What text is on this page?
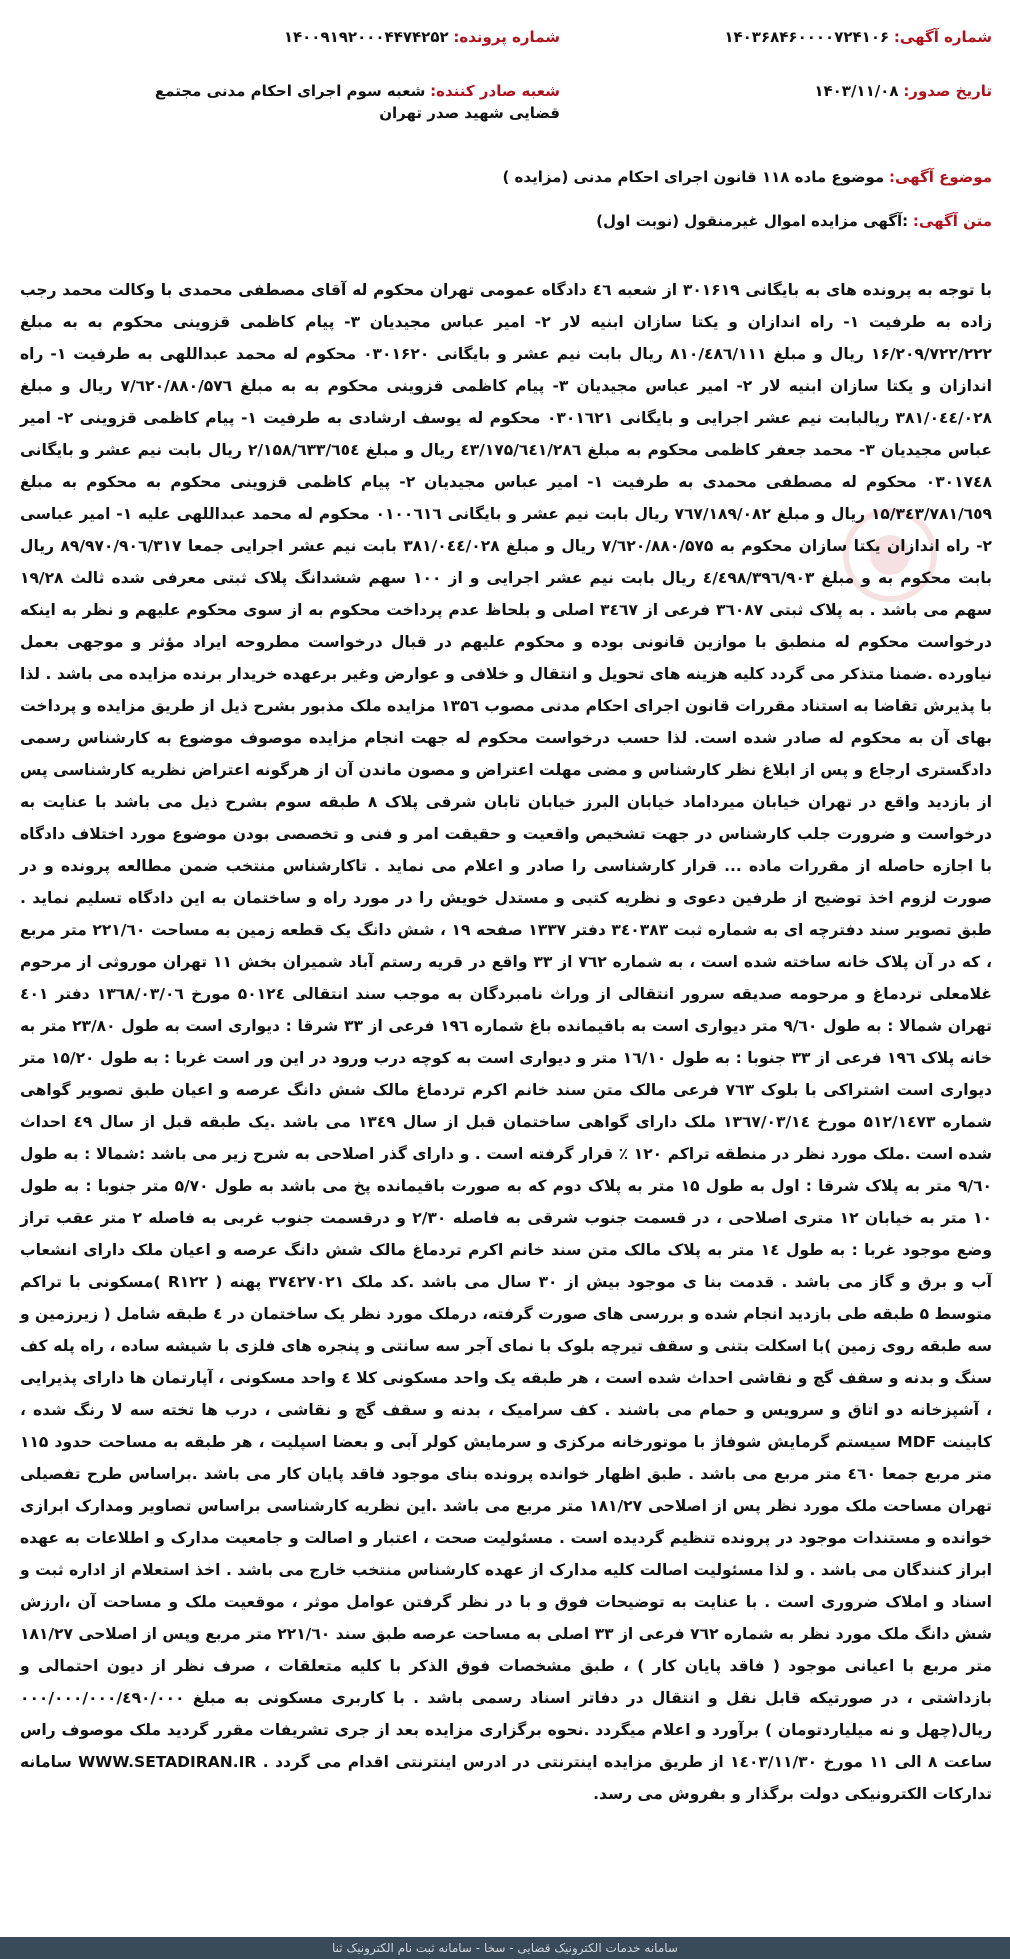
شماره آگهی: ۱۴۰۳۶۸۴۶۰۰۰۰۷۲۴۱۰۶
شماره پرونده: ۱۴۰۰۹۱۹۲۰۰۰۴۴۷۴۲۵۲
تاریخ صدور: ۱۴۰۳/۱۱/۰۸
شعبه صادر کننده: شعبه سوم اجرای احکام مدنی مجتمع قضایی شهید صدر تهران
موضوع آگهی: موضوع ماده ۱۱۸ قانون اجرای احکام مدنی (مزایده )
متن آگهی: :آگهی مزایده اموال غیرمنقول (نوبت اول)

با توجه به پرونده های به بایگانی ۳۰۱۶۱۹ از شعبه ٤٦ دادگاه عمومی تهران محکوم له آقای مصطفی محمدی با وکالت محمد رجب زاده به طرفیت ۱- راه اندازان و یکتا سازان ابنیه لار ۲- امیر عباس مجیدیان ۳- پیام کاظمی قزوینی محکوم به به مبلغ ۱۶/۲۰۹/۷۲۲/۲۲۲ ریال و مبلغ ۸۱۰/٤۸٦/۱۱۱ ریال بابت نیم عشر و بایگانی ۰۳۰۱۶۲۰ محکوم له محمد عبداللهی به طرفیت ۱- راه اندازان و یکتا سازان ابنیه لار ۲- امیر عباس مجیدیان ۳- پیام کاظمی قزوینی محکوم به به مبلغ ۷/٦۲۰/۸۸۰/۵۷٦ ریال و مبلغ ۳۸۱/۰٤٤/۰۲۸ ریالبابت نیم عشر اجرایی و بایگانی ۰۳۰۱٦۲۱ محکوم له یوسف ارشادی به طرفیت ۱- پیام کاظمی قزوینی ۲- امیر عباس مجیدیان ۳- محمد جعفر کاظمی محکوم به مبلغ ٤۳/۱۷۵/٦٤۱/۲۸٦ ریال و مبلغ ۲/۱۵۸/٦۳۳/٦٥٤ ریال بابت نیم عشر و بایگانی ۰۳۰۱۷٤۸ محکوم له مصطفی محمدی به طرفیت ۱- امیر عباس مجیدیان ۲- پیام کاظمی قزوینی محکوم به محکوم به مبلغ ۱۵/۳٤۳/۷۸۱/٦٥۹ ریال و مبلغ ۷٦۷/۱۸۹/۰۸۲ ریال بابت نیم عشر و بایگانی ۰۱۰۰٦۱٦ محکوم له محمد عبداللهی علیه ۱- امیر عباسی ۲- راه اندازان یکتا سازان محکوم به ۷/٦۲۰/۸۸۰/۵۷۵ ریال و مبلغ ۳۸۱/۰٤٤/۰۲۸ بابت نیم عشر اجرایی جمعا ۸۹/۹۷۰/۹۰٦/۳۱۷ ریال بابت محکوم به و مبلغ ٤/٤۹۸/۳۹٦/۹۰۳ ریال بابت نیم عشر اجرایی و از ۱۰۰ سهم ششدانگ پلاک ثبتی معرفی شده ثالث ۱۹/۲۸ سهم می باشد . به پلاک ثبتی ۳٦۰۸۷ فرعی از ۳٤٦۷ اصلی و بلحاظ عدم پرداخت محکوم به از سوی محکوم علیهم و نظر به اینکه درخواست محکوم له منطبق با موازین قانونی بوده و محکوم علیهم در قبال درخواست مطروحه ایراد مؤثر و موجهی بعمل نیاورده .ضمنا متذکر می گردد کلیه هزینه های تحویل و انتقال و خلافی و عوارض وغیر برعهده خریدار برنده مزایده می باشد . لذا با پذیرش تقاضا به استناد مقررات قانون اجرای احکام مدنی مصوب ۱۳۵٦ مزایده ملک مذبور بشرح ذیل از طریق مزایده و پرداخت بهای آن به محکوم له صادر شده است. لذا حسب درخواست محکوم له جهت انجام مزایده موصوف موضوع به کارشناس رسمی دادگستری ارجاع و پس از ابلاغ نظر کارشناس و مضی مهلت اعتراض و مصون ماندن آن از هرگونه اعتراض نظریه کارشناسی پس از بازدید واقع در تهران خیابان میرداماد خیابان البرز خیابان تابان شرقی پلاک ۸ طبقه سوم بشرح ذیل می باشد با عنایت به درخواست و ضرورت جلب کارشناس در جهت تشخیص واقعیت و حقیقت امر و فنی و تخصصی بودن موضوع مورد اختلاف دادگاه با اجازه حاصله از مقررات ماده ... قرار کارشناسی را صادر و اعلام می نماید . تاکارشناس منتخب ضمن مطالعه پرونده و در صورت لزوم اخذ توضیح از طرفین دعوی و نظریه کتبی و مستدل خویش را در مورد راه و ساختمان به این دادگاه تسلیم نماید . طبق تصویر سند دفترچه ای به شماره ثبت ۳٤۰۳۸۳ دفتر ۱۳۳۷ صفحه ۱۹ ، شش دانگ یک قطعه زمین به مساحت ۲۲۱/٦۰ متر مربع ، که در آن پلاک خانه ساخته شده است ، به شماره ۷٦۲ از ۳۳ واقع در قریه رستم آباد شمیران بخش ۱۱ تهران موروثی از مرحوم غلامعلی تردماغ و مرحومه صدیقه سرور انتقالی از وراث نامبردگان به موجب سند انتقالی ۵۰۱۲٤ مورخ ۱۳٦۸/۰۳/۰٦ دفتر ٤۰۱ تهران شمالا : به طول ۹/٦۰ متر دیواری است به باقیمانده باغ شماره ۱۹٦ فرعی از ۳۳ شرقا : دیواری است به طول ۲۳/۸۰ متر به خانه پلاک ۱۹٦ فرعی از ۳۳ جنوبا : به طول ۱٦/۱۰ متر و دیواری است به کوچه درب ورود در این ور است غربا : به طول ۱۵/۲۰ متر دیواری است اشتراکی با بلوک ۷٦۳ فرعی مالک متن سند خانم اکرم تردماغ مالک شش دانگ عرصه و اعیان طبق تصویر گواهی شماره ۵۱۲/۱٤۷۳ مورخ ۱۳٦۷/۰۳/۱٤ ملک دارای گواهی ساختمان قبل از سال ۱۳٤۹ می باشد .یک طبقه قبل از سال ٤۹ احداث شده است .ملک مورد نظر در منطقه تراکم ۱۲۰ ٪ قرار گرفته است . و دارای گذر اصلاحی به شرح زیر می باشد :شمالا : به طول ۹/٦۰ متر به پلاک شرقا : اول به طول ۱۵ متر به پلاک دوم که به صورت باقیمانده پخ می باشد به طول ۵/۷۰ متر جنوبا : به طول ۱۰ متر به خیابان ۱۲ متری اصلاحی ، در قسمت جنوب شرقی به فاصله ۲/۳۰ و درقسمت جنوب غربی به فاصله ۲ متر عقب تراز وضع موجود غربا : به طول ۱٤ متر به پلاک مالک متن سند خانم اکرم تردماغ مالک شش دانگ عرصه و اعیان ملک دارای انشعاب آب و برق و گاز می باشد . قدمت بنا ی موجود بیش از ۳۰ سال می باشد .کد ملک ۳۷٤۲۷۰۲۱ پهنه ( R۱۲۲ )مسکونی با تراکم متوسط ۵ طبقه طی بازدید انجام شده و بررسی های صورت گرفته، درملک مورد نظر یک ساختمان در ٤ طبقه شامل ( زیرزمین و سه طبقه روی زمین )با اسکلت بتنی و سقف تیرچه بلوک با نمای آجر سه سانتی و پنجره های فلزی با شیشه ساده ، راه پله کف سنگ و بدنه و سقف گچ و نقاشی احداث شده است ، هر طبقه یک واحد مسکونی کلا ٤ واحد مسکونی ، آپارتمان ها دارای پذیرایی ، آشپزخانه دو اتاق و سرویس و حمام می باشند . کف سرامیک ، بدنه و سقف گچ و نقاشی ، درب ها تخته سه لا رنگ شده ، کابینت MDF سیستم گرمایش شوفاژ با موتورخانه مرکزی و سرمایش کولر آبی و بعضا اسپلیت ، هر طبقه به مساحت حدود ۱۱۵ متر مربع جمعا ٤٦۰ متر مربع می باشد . طبق اظهار خوانده پرونده بنای موجود فاقد پایان کار می باشد .براساس طرح تفصیلی تهران مساحت ملک مورد نظر پس از اصلاحی ۱۸۱/۲۷ متر مربع می باشد .این نظریه کارشناسی براساس تصاویر ومدارک ابرازی خوانده و مستندات موجود در پرونده تنظیم گردیده است . مسئولیت صحت ، اعتبار و اصالت و جامعیت مدارک و اطلاعات به عهده ابراز کنندگان می باشد . و لذا مسئولیت اصالت کلیه مدارک از عهده کارشناس منتخب خارج می باشد . اخذ استعلام از اداره ثبت و اسناد و املاک ضروری است . با عنایت به توضیحات فوق و با در نظر گرفتن عوامل موثر ، موقعیت ملک و مساحت آن ،ارزش شش دانگ ملک مورد نظر به شماره ۷٦۲ فرعی از ۳۳ اصلی به مساحت عرصه طبق سند ۲۲۱/٦۰ متر مربع وپس از اصلاحی ۱۸۱/۲۷ متر مربع با اعیانی موجود ( فاقد پایان کار ) ، طبق مشخصات فوق الذکر با کلیه متعلقات ، صرف نظر از دیون احتمالی و بازداشتی ، در صورتیکه قابل نقل و انتقال در دفاتر اسناد رسمی باشد . با کاربری مسکونی به مبلغ ۰۰۰/۰۰۰/۰۰۰/٤۹۰/۰۰۰ ریال(چهل و نه میلیاردتومان ) برآورد و اعلام میگردد .نحوه برگزاری مزایده بعد از جری تشریفات مقرر گردید ملک موصوف راس ساعت ۸ الی ۱۱ مورخ ۱٤۰۳/۱۱/۳۰ از طریق مزایده اینترنتی در ادرس اینترنتی اقدام می گردد . WWW.SETADIRAN.IR سامانه تدارکات الکترونیکی دولت برگذار و بفروش می رسد.

سامانه خدمات الکترونیک قضایی - سخا - سامانه ثبت نام الکترونیک ثنا
